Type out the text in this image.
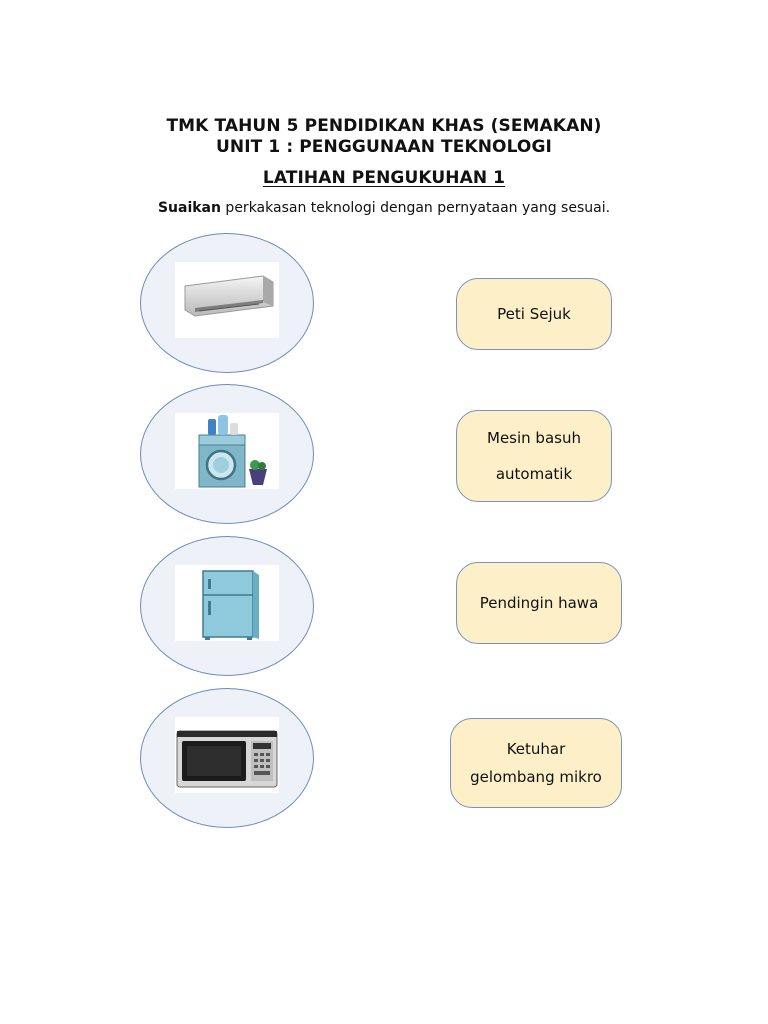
TMK TAHUN 5 PENDIDIKAN KHAS (SEMAKAN)
UNIT 1 : PENGGUNAAN TEKNOLOGI
LATIHAN PENGUKUHAN 1
Suaikan perkakasan teknologi dengan pernyataan yang sesuai.
Peti Sejuk
Mesin basuh
automatik
Pendingin hawa
Ketuhar
gelombang mikro
